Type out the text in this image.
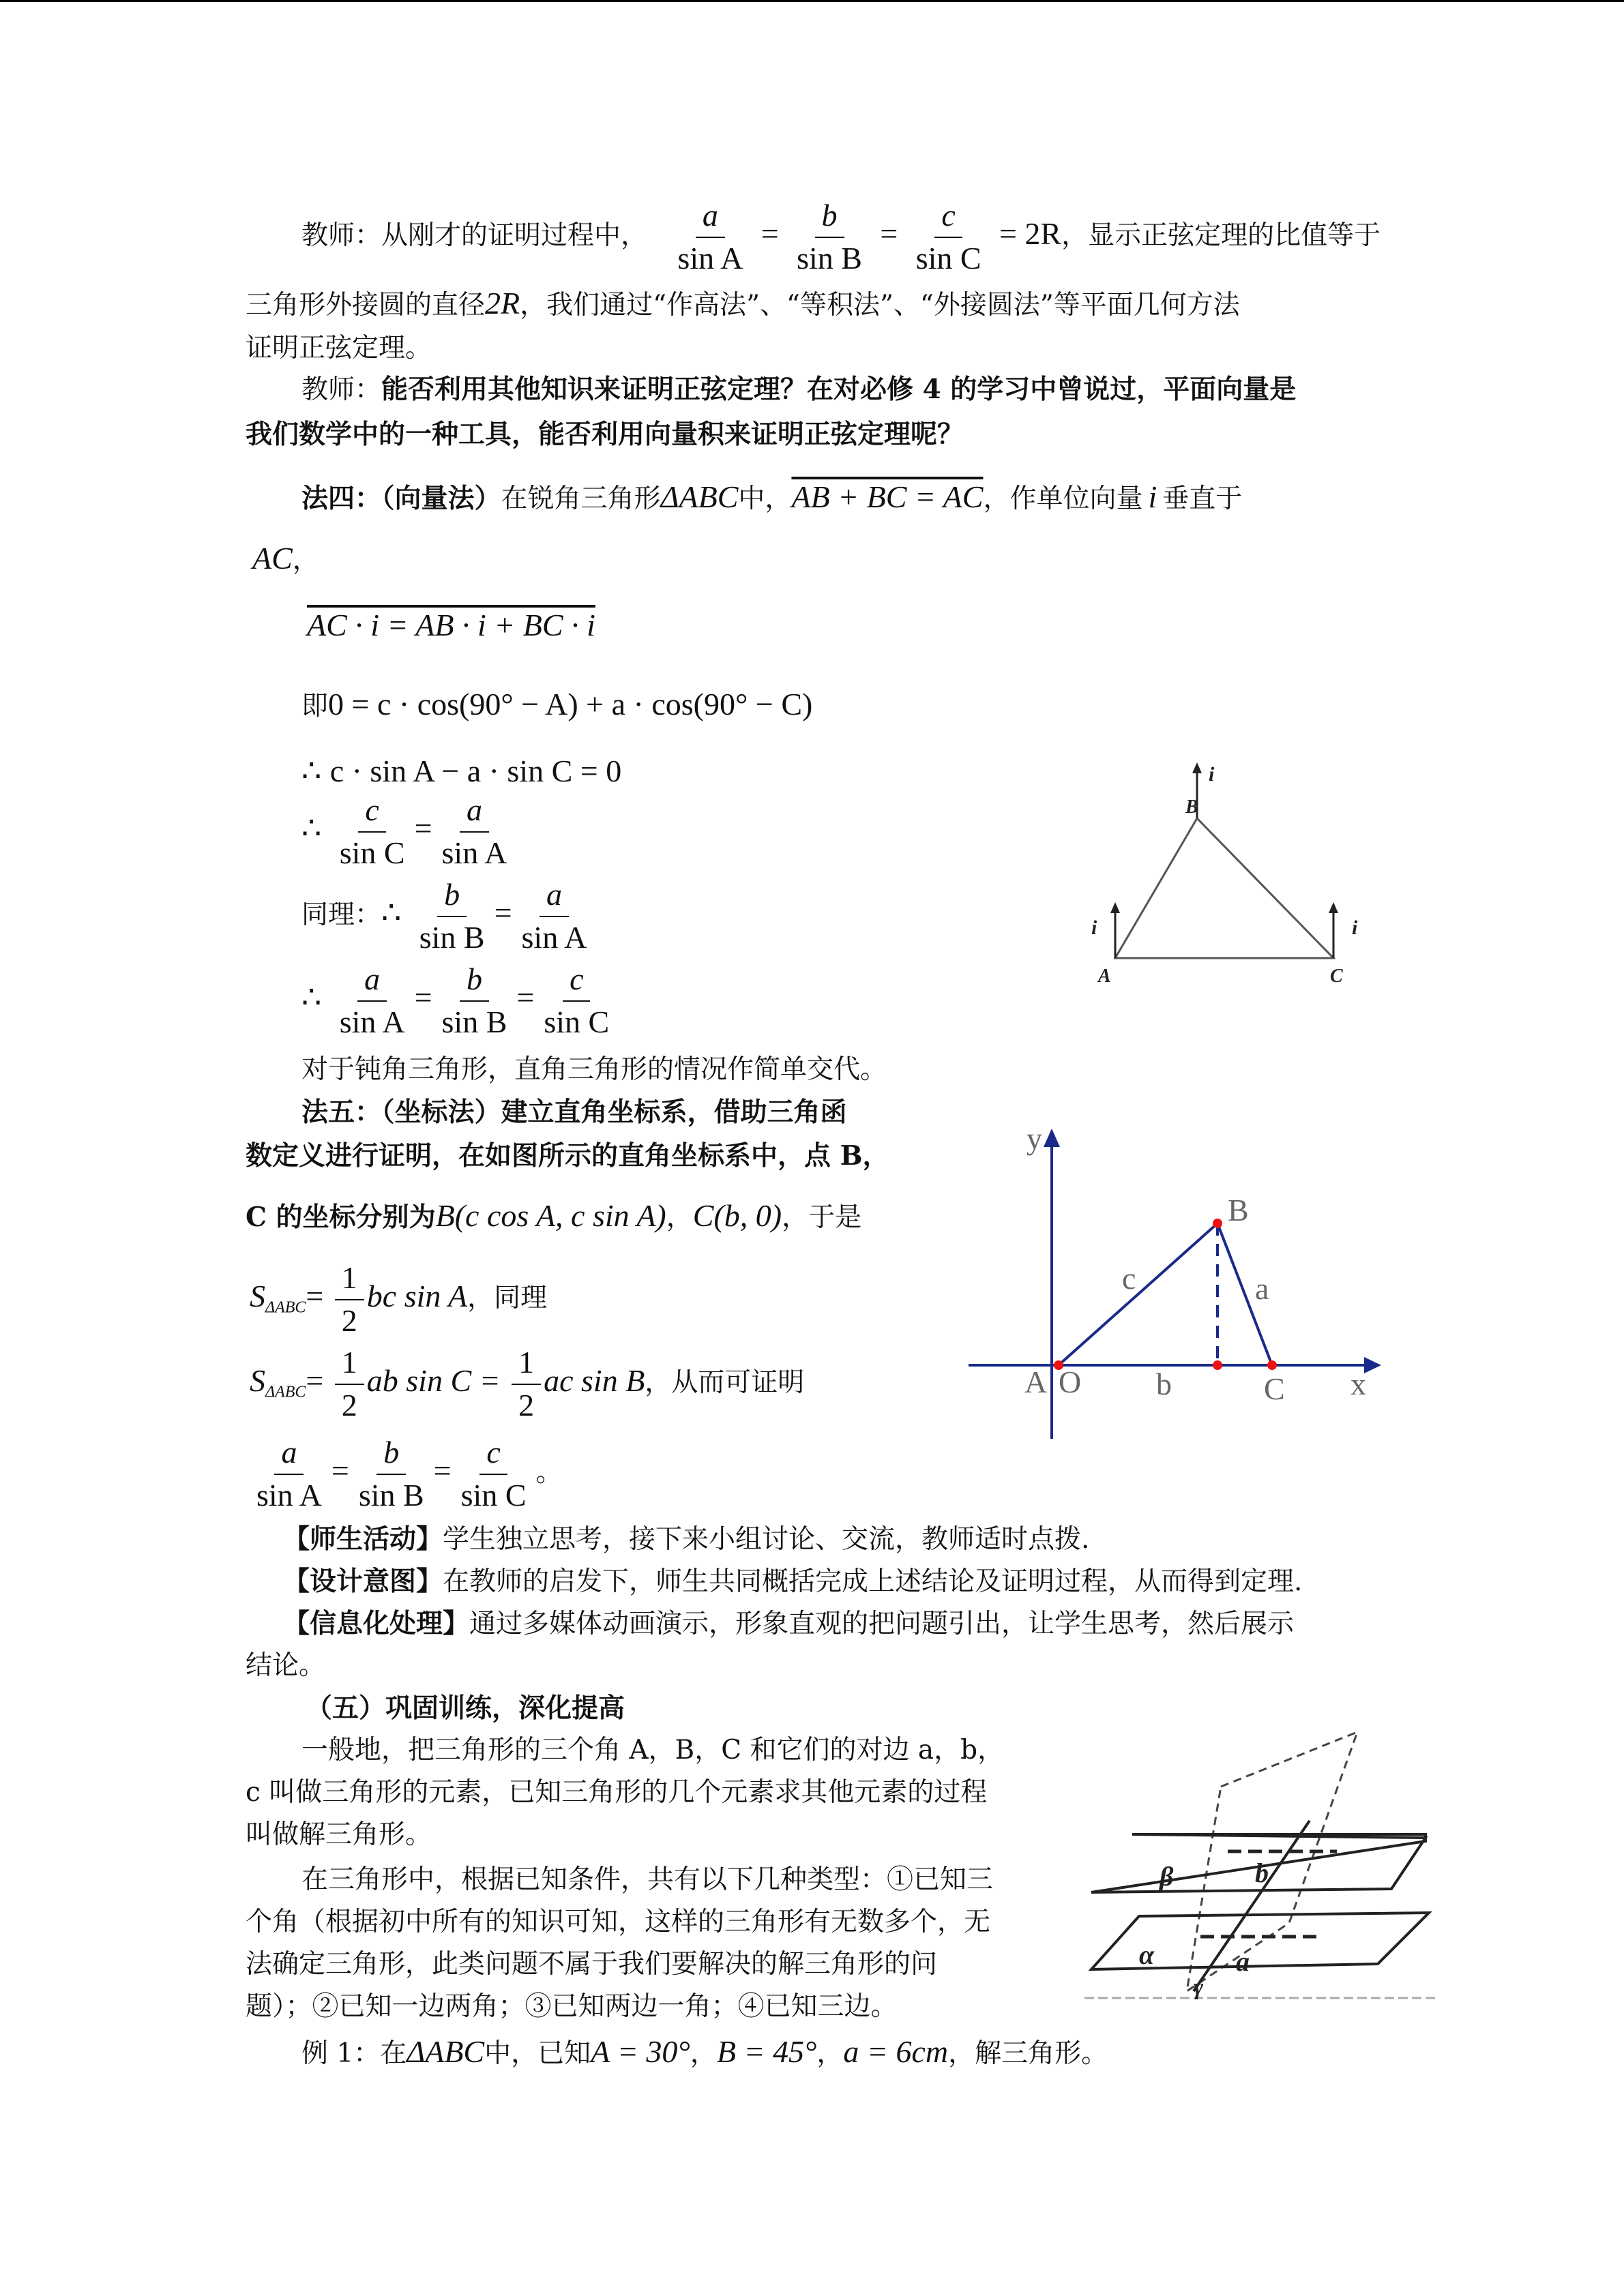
教师：从刚才的证明过程中， $\frac{a}{\text{sin A}} = \frac{b}{\text{sin B}} = \frac{c}{\text{sin C}} = 2R$，显示正弦定理的比值等于
三角形外接圆的直径2R，我们通过“作高法”、“等积法”、“外接圆法”等平面几何方法
证明正弦定理。
教师：能否利用其他知识来证明正弦定理？在对必修 4 的学习中曾说过，平面向量是
我们数学中的一种工具，能否利用向量积来证明正弦定理呢？
法四：（向量法）在锐角三角形ΔABC中，AB + BC = AC，作单位向量 i 垂直于
AC，
AC · i = AB · i + BC · i
即0 = c · cos(90° − A) + a · cos(90° − C)
∴ c · sin A − a · sin C = 0
∴ $\frac{c}{\text{sin C}} = \frac{a}{\text{sin A}}$
同理：∴ $\frac{b}{\text{sin B}} = \frac{a}{\text{sin A}}$
∴ $\frac{a}{\text{sin A}} = \frac{b}{\text{sin B}} = \frac{c}{\text{sin C}}$
对于钝角三角形，直角三角形的情况作简单交代。
i
i	i
B
A	C
法五：（坐标法）建立直角坐标系，借助三角函
数定义进行证明，在如图所示的直角坐标系中，点 B，
C 的坐标分别为B(c cos A, c sin A)，C(b, 0)，于是
$S_{\Delta ABC}= \frac{1}{2}$ bc sin A，同理
$S_{\Delta ABC}= \frac{1}{2}$ ab $\sin C = \frac{1}{2}$ ac sin B，从而可证明
$\frac{a}{\text{sin A}} = \frac{b}{\text{sin B}} = \frac{c}{\text{sin C}}$ 。
y
x
B
c	a
A O b	C
【师生活动】学生独立思考，接下来小组讨论、交流，教师适时点拨.
【设计意图】在教师的启发下，师生共同概括完成上述结论及证明过程，从而得到定理.
【信息化处理】通过多媒体动画演示，形象直观的把问题引出，让学生思考，然后展示
结论。
（五）巩固训练，深化提高
一般地，把三角形的三个角 A，B，C 和它们的对边 a，b，
c 叫做三角形的元素，已知三角形的几个元素求其他元素的过程
叫做解三角形。
在三角形中，根据已知条件，共有以下几种类型：①已知三
个角（根据初中所有的知识可知，这样的三角形有无数多个，无
法确定三角形，此类问题不属于我们要解决的解三角形的问
题）；②已知一边两角；③已知两边一角；④已知三边。
β	b
α	a
γ
例 1：在ΔABC中，已知A = 30°，B = 45°，a = 6cm，解三角形。
